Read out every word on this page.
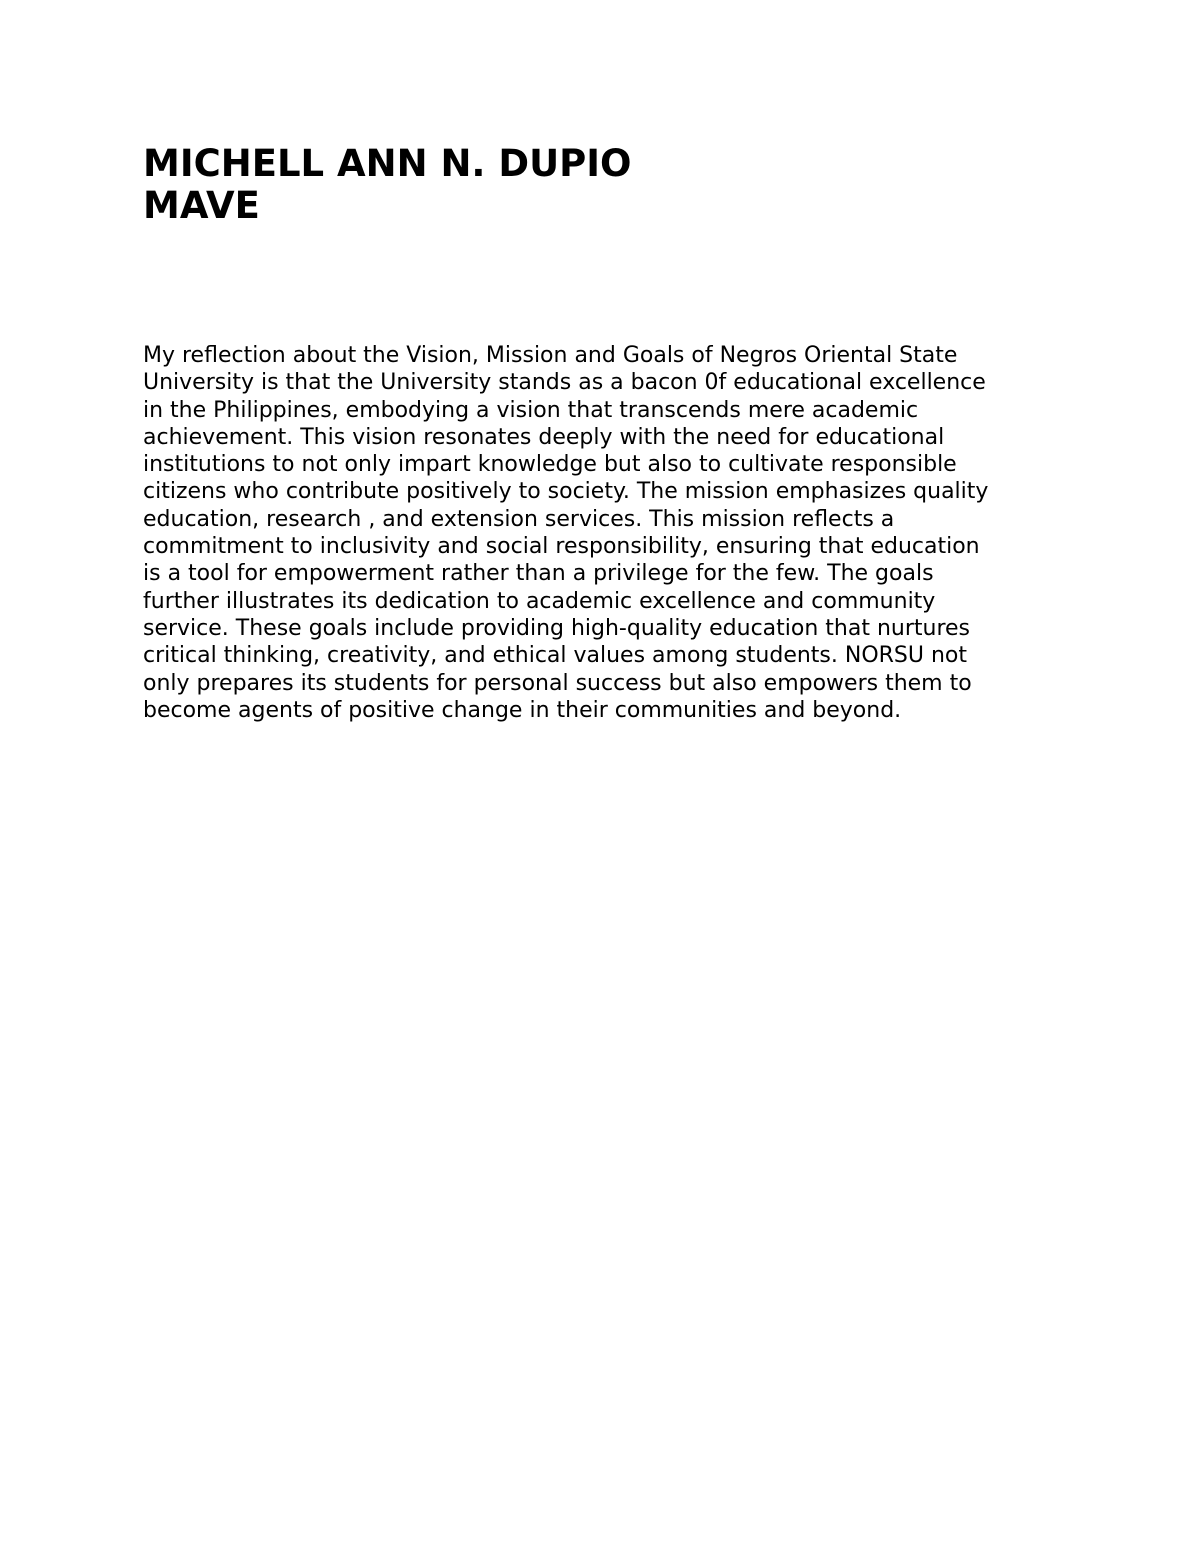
MICHELL ANN N. DUPIO
MAVE
My reflection about the Vision, Mission and Goals of Negros Oriental State
University is that the University stands as a bacon 0f educational excellence
in the Philippines, embodying a vision that transcends mere academic
achievement. This vision resonates deeply with the need for educational
institutions to not only impart knowledge but also to cultivate responsible
citizens who contribute positively to society. The mission emphasizes quality
education, research , and extension services. This mission reflects a
commitment to inclusivity and social responsibility, ensuring that education
is a tool for empowerment rather than a privilege for the few. The goals
further illustrates its dedication to academic excellence and community
service. These goals include providing high-quality education that nurtures
critical thinking, creativity, and ethical values among students. NORSU not
only prepares its students for personal success but also empowers them to
become agents of positive change in their communities and beyond.
